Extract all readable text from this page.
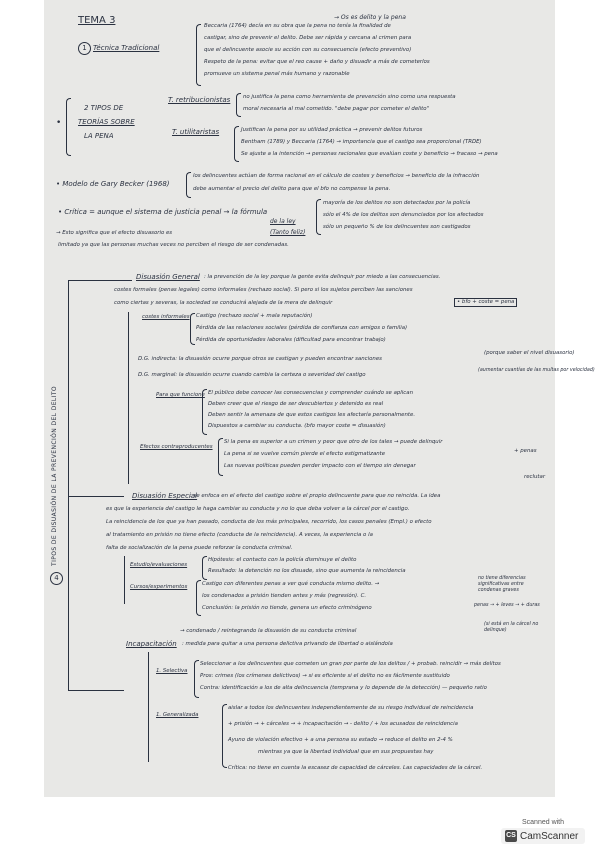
TEMA 3	→ Os es delito y la pena
1 Técnica Tradicional
Beccaria (1764) decía en su obra que la pena no tenía la finalidad de
castigar, sino de prevenir el delito. Debe ser rápida y cercana al crimen para
que el delincuente asocie su acción con su consecuencia (efecto preventivo)
Respeto de la pena: evitar que el reo cause + daño y disuadir a más de cometerlos
promueve un sistema penal más humano y razonable
•
2 TIPOS DE
TEORÍAS SOBRE
LA PENA
T. retribucionistas no justifica la pena como herramienta de prevención sino como una respuesta
moral necesaria al mal cometido. "debe pagar por cometer el delito"
T. utilitaristas	Justifican la pena por su utilidad práctica → prevenir delitos futuros
Bentham (1789) y Beccaria (1764) → importancia que el castigo sea proporcional (TRDE)
Se ajuste a la intención → personas racionales que evalúan coste y beneficio → fracaso → pena
• Modelo de Gary Becker (1968)
los delincuentes actúan de forma racional en el cálculo de costes y beneficios → beneficio de la infracción
debe aumentar el precio del delito para que el bfo no compense la pena.
• Crítica = aunque el sistema de justicia penal → la fórmula
de la ley
(Tanto feliz)
mayoría de los delitos no son detectados por la policía
sólo el 4% de los delitos son denunciados por los afectados
sólo un pequeño % de los delincuentes son castigados
→ Esto significa que el efecto disuasorio es
limitado ya que las personas muchas veces no perciben el riesgo de ser condenadas.
4
TIPOS DE DISUASIÓN DE LA PREVENCIÓN DEL DELITO
Disuasión General : la prevención de la ley porque la gente evita delinquir por miedo a las consecuencias.
costes formales (penas legales) como informales (rechazo social). Si pero si los sujetos perciben las sanciones
como ciertas y severas, la sociedad se conducirá alejada de la mera de delinquir	• bfo + coste = pena
costes informales Castigo (rechazo social + mala reputación)
Pérdida de las relaciones sociales (pérdida de confianza con amigos o familia)
Pérdida de oportunidades laborales (dificultad para encontrar trabajo)
D.G. indirecta: la disuasión ocurre porque otros se castigan y pueden encontrar sanciones
(porque saber el nivel disuasorio)
D.G. marginal: la disuasión ocurre cuando cambia la certeza o severidad del castigo
(aumentar cuantías de las multas por velocidad)
Para que funcione El público debe conocer las consecuencias y comprender cuándo se aplican
Deben creer que el riesgo de ser descubiertos y detenido es real
Deben sentir la amenaza de que estos castigos les afectaría personalmente.
Dispuestos a cambiar su conducta. (bfo mayor coste = disuasión)
Efectos contraproducentes
Si la pena es superior a un crimen y peor que otro de los tales → puede delinquir
La pena si se vuelve común pierde el efecto estigmatizante
Las nuevas políticas pueden perder impacto con el tiempo sin denegar
+ penas
reclutar
Disuasión Especial
: se enfoca en el efecto del castigo sobre el propio delincuente para que no reincida. La idea
es que la experiencia del castigo le haga cambiar su conducta y no lo que deba volver a la cárcel por el castigo.
La reincidencia de los que ya han pasado, conducta de los más principales, recorrido, los casos penales (Empl.) o efecto
al tratamiento en prisión no tiene efecto (conducta de la reincidencia). A veces, la experiencia o la
falta de socialización de la pena puede reforzar la conducta criminal.
Estudio/evaluaciones
Hipótesis: el contacto con la policía disminuye el delito
Resultado: la detención no los disuade, sino que aumenta la reincidencia
Cursos/experimentos	Castigo con diferentes penas a ver qué conducta mismo delito. →
los condenados a prisión tienden antes y más (regresión). C.
Conclusión: la prisión no tiende, genera un efecto criminógeno
no tiene diferencias significativas entre condenas graves
penas → + leves → + duras
→ condenado / reintegrando la disuasión de su conducta criminal
(si está en la cárcel no delinque)
Incapacitación : medida para quitar a una persona delictiva privando de libertad o aislándola
1. Selectiva
Seleccionar a los delincuentes que cometen un gran por parte de los delitos / + probab. reincidir → más delitos
Pros: crimes (los crímenes delictivos) → si es eficiente si el delito no es fácilmente sustituido
Contra: identificación a los de alta delincuencia (temprana y lo depende de la detección) — pequeño ratio
1. Generalizada
aislar a todos los delincuentes independientemente de su riesgo individual de reincidencia
+ prisión → + cárceles → + incapacitación → - delito / + los acusados de reincidencia
Ayuno de violación efectivo + a una persona su estado → reduce el delito en 2-4 %
mientras ya que la libertad individual que en sus propuestas hay
Crítica: no tiene en cuenta la escasez de capacidad de cárceles. Las capacidades de la cárcel.
Scanned with
CS CamScanner
